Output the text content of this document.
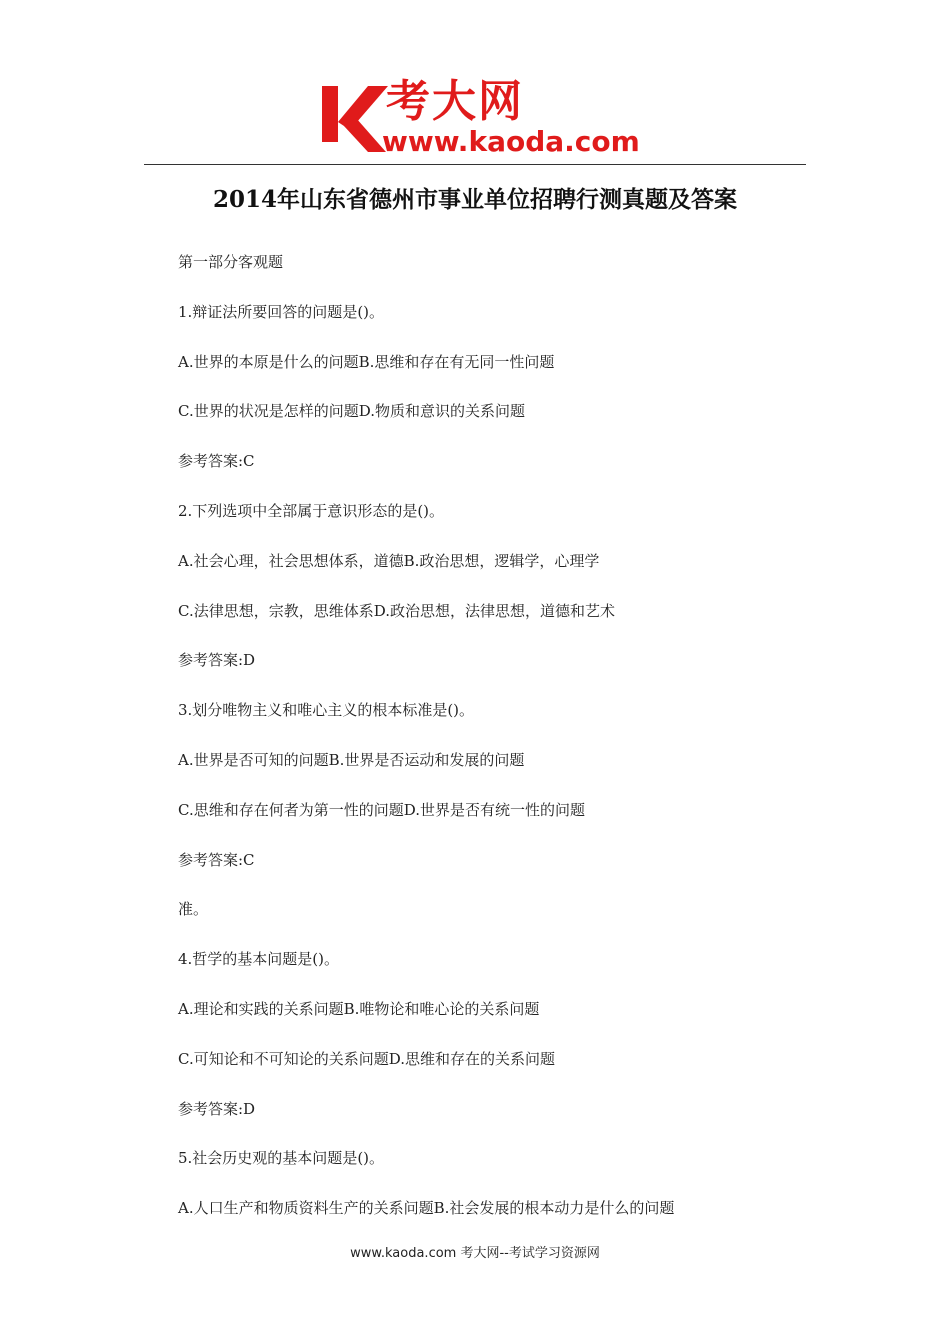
考大网
www.kaoda.com
2014年山东省德州市事业单位招聘行测真题及答案
第一部分客观题
1.辩证法所要回答的问题是()。
A.世界的本原是什么的问题B.思维和存在有无同一性问题
C.世界的状况是怎样的问题D.物质和意识的关系问题
参考答案:C
2.下列选项中全部属于意识形态的是()。
A.社会心理，社会思想体系，道德B.政治思想，逻辑学，心理学
C.法律思想，宗教，思维体系D.政治思想，法律思想，道德和艺术
参考答案:D
3.划分唯物主义和唯心主义的根本标准是()。
A.世界是否可知的问题B.世界是否运动和发展的问题
C.思维和存在何者为第一性的问题D.世界是否有统一性的问题
参考答案:C
准。
4.哲学的基本问题是()。
A.理论和实践的关系问题B.唯物论和唯心论的关系问题
C.可知论和不可知论的关系问题D.思维和存在的关系问题
参考答案:D
5.社会历史观的基本问题是()。
A.人口生产和物质资料生产的关系问题B.社会发展的根本动力是什么的问题
www.kaoda.com 考大网--考试学习资源网
